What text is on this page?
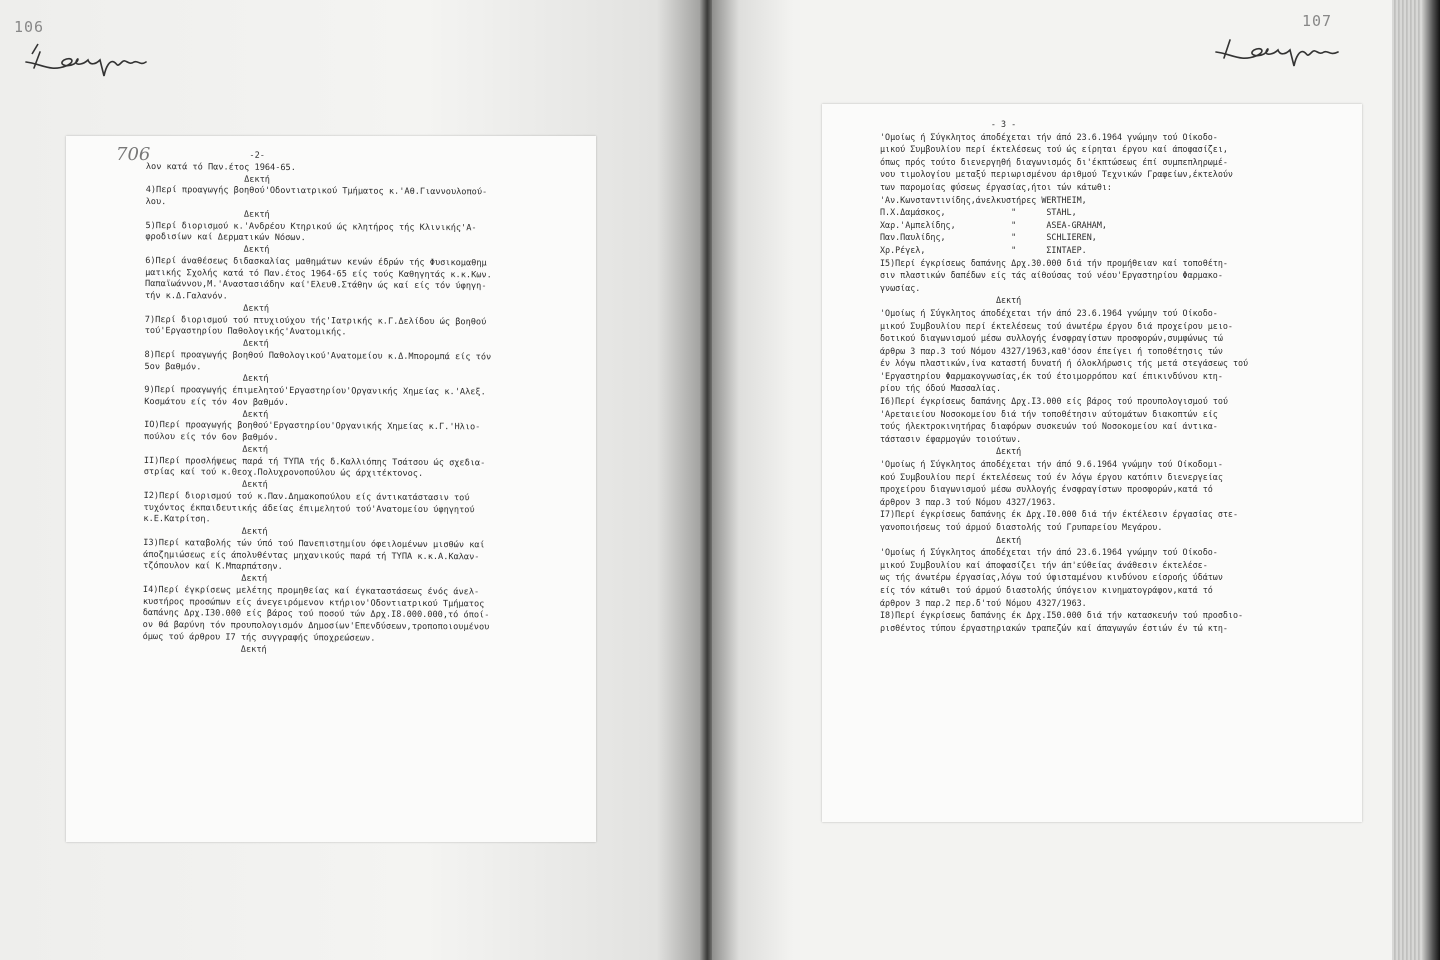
106
706
-2-
λον κατά τό Παν.έτος 1964-65.
Δεκτή
4)Περί προαγωγής βοηθού'Οδοντιατρικού Τμήματος κ.'Αθ.Γιαννουλοπού-
λου.
Δεκτή
5)Περί διορισμού κ.'Ανδρέου Κτηρικού ώς κλητήρος τής Κλινικής'Α-
φροδισίων καί Δερματικών Νόσων.
Δεκτή
6)Περί άναθέσεως διδασκαλίας μαθημάτων κενών έδρών τής Φυσικομαθημ
ματικής Σχολής κατά τό Παν.έτος 1964-65 είς τούς Καθηγητάς κ.κ.Κων.
Παπαϊωάννου,Μ.'Αναστασιάδην καί'Ελευθ.Στάθην ώς καί είς τόν ύφηγη-
τήν κ.Δ.Γαλανόν.
Δεκτή
7)Περί διορισμού τού πτυχιούχου τής'Ιατρικής κ.Γ.Δελίδου ώς βοηθού
τού'Εργαστηρίου Παθολογικής'Ανατομικής.
Δεκτή
8)Περί προαγωγής βοηθού Παθολογικού'Ανατομείου κ.Δ.Μπορομπά είς τόν
5ον βαθμόν.
Δεκτή
9)Περί προαγωγής έπιμελητού'Εργαστηρίου'Οργανικής Χημείας κ.'Αλεξ.
Κοσμάτου είς τόν 4ον βαθμόν.
Δεκτή
ΙΟ)Περί προαγωγής βοηθού'Εργαστηρίου'Οργανικής Χημείας κ.Γ.'Ηλιο-
πούλου είς τόν 6ον βαθμόν.
Δεκτή
ΙΙ)Περί προσλήψεως παρά τή ΤΥΠΑ τής δ.Καλλιόπης Τσάτσου ώς σχεδια-
στρίας καί τού κ.Θεοχ.Πολυχρονοπούλου ώς άρχιτέκτονος.
Δεκτή
Ι2)Περί διορισμού τού κ.Παν.Δημακοπούλου είς άντικατάστασιν τού
τυχόντος έκπαιδευτικής άδείας έπιμελητού τού'Ανατομείου ύφηγητού
κ.Ε.Κατρίτση.
Δεκτή
Ι3)Περί καταβολής τών ύπό τού Πανεπιστημίου όφειλομένων μισθών καί
άποζημιώσεως είς άπολυθέντας μηχανικούς παρά τή ΤΥΠΑ κ.κ.Α.Καλαν-
τζόπουλον καί Κ.Μπαρπάτσην.
Δεκτή
Ι4)Περί έγκρίσεως μελέτης προμηθείας καί έγκαταστάσεως ένός άνελ-
κυστήρος προσώπων είς άνεγειρόμενον κτήριον'Οδοντιατρικού Τμήματος
δαπάνης Δρχ.Ι30.000 είς βάρος τού ποσού τών Δρχ.Ι8.000.000,τό όποί-
ον θά βαρύνη τόν προυπολογισμόν Δημοσίων'Επενδύσεων,τροποποιουμένου
όμως τού άρθρου Ι7 τής συγγραφής ύποχρεώσεων.
Δεκτή
107
- 3 -
'Ομοίως ή Σύγκλητος άποδέχεται τήν άπό 23.6.1964 γνώμην τού Οίκοδο-
μικού Συμβουλίου περί έκτελέσεως τού ώς είρηται έργου καί άποφασίζει,
όπως πρός τούτο διενεργηθή διαγωνισμός δι'έκπτώσεως έπί συμπεπληρωμέ-
νου τιμολογίου μεταξύ περιωρισμένου άριθμού Τεχνικών Γραφείων,έκτελούν
των παρομοίας φύσεως έργασίας,ήτοι τών κάτωθι:
'Αν.Κωνσταντινίδης,άνελκυστήρες WERTHEIM,
Π.Χ.Δαμάσκος,             "      STAHL,
Χαρ.'Αμπελίδης,           "      ASEA-GRAHAM,
Παν.Παυλίδης,             "      SCHLIEREN,
Χρ.Ρέγελ,                 "      ΣΙΝΤΑΕΡ.
Ι5)Περί έγκρίσεως δαπάνης Δρχ.30.000 διά τήν προμήθειαν καί τοποθέτη-
σιν πλαστικών δαπέδων είς τάς αίθούσας τού νέου'Εργαστηρίου Φαρμακο-
γνωσίας.
Δεκτή
'Ομοίως ή Σύγκλητος άποδέχεται τήν άπό 23.6.1964 γνώμην τού Οίκοδο-
μικού Συμβουλίου περί έκτελέσεως τού άνωτέρω έργου διά προχείρου μειο-
δοτικού διαγωνισμού μέσω συλλογής ένσφραγίστων προσφορών,συμφώνως τώ
άρθρω 3 παρ.3 τού Νόμου 4327/1963,καθ'όσον έπείγει ή τοποθέτησις τών
έν λόγω πλαστικών,ίνα καταστή δυνατή ή όλοκλήρωσις τής μετά στεγάσεως τού
'Εργαστηρίου Φαρμακογνωσίας,έκ τού έτοιμορρόπου καί έπικινδύνου κτη-
ρίου τής όδού Μασσαλίας.
Ι6)Περί έγκρίσεως δαπάνης Δρχ.Ι3.000 είς βάρος τού προυπολογισμού τού
'Αρεταιείου Νοσοκομείου διά τήν τοποθέτησιν αύτομάτων διακοπτών είς
τούς ήλεκτροκινητήρας διαφόρων συσκευών τού Νοσοκομείου καί άντικα-
τάστασιν έφαρμογών τοιούτων.
Δεκτή
'Ομοίως ή Σύγκλητος άποδέχεται τήν άπό 9.6.1964 γνώμην τού Οίκοδομι-
κού Συμβουλίου περί έκτελέσεως τού έν λόγω έργου κατόπιν διενεργείας
προχείρου διαγωνισμού μέσω συλλογής ένσφραγίστων προσφορών,κατά τό
άρθρον 3 παρ.3 τού Νόμου 4327/1963.
Ι7)Περί έγκρίσεως δαπάνης έκ Δρχ.Ι0.000 διά τήν έκτέλεσιν έργασίας στε-
γανοποιήσεως τού άρμού διαστολής τού Γρυπαρείου Μεγάρου.
Δεκτή
'Ομοίως ή Σύγκλητος άποδέχεται τήν άπό 23.6.1964 γνώμην τού Οίκοδο-
μικού Συμβουλίου καί άποφασίζει τήν άπ'εύθείας άνάθεσιν έκτελέσε-
ως τής άνωτέρω έργασίας,λόγω τού ύφισταμένου κινδύνου είσροής ύδάτων
είς τόν κάτωθι τού άρμού διαστολής ύπόγειον κινηματογράφον,κατά τό
άρθρον 3 παρ.2 περ.δ'τού Νόμου 4327/1963.
Ι8)Περί έγκρίσεως δαπάνης έκ Δρχ.Ι50.000 διά τήν κατασκευήν τού προσδιο-
ρισθέντος τύπου έργαστηριακών τραπεζών καί άπαγωγών έστιών έν τώ κτη-
